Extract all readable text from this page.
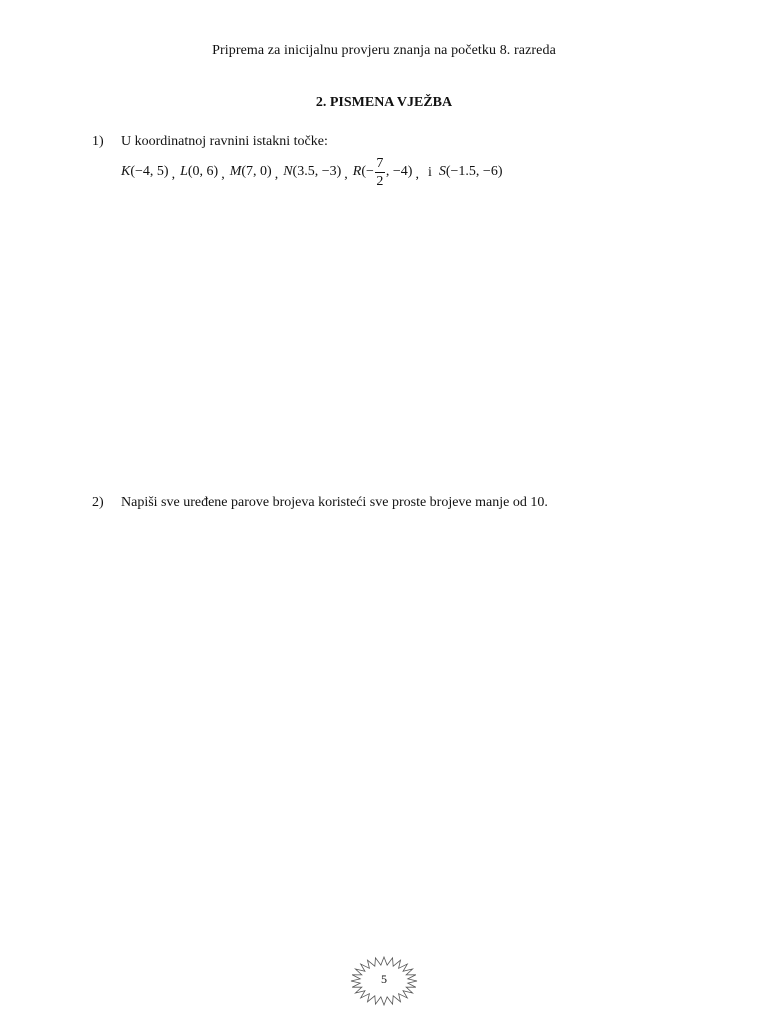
Priprema za inicijalnu provjeru znanja na početku 8. razreda
2. PISMENA VJEŽBA
1) U koordinatnoj ravnini istakni točke:
K (−4, 5) , L (0, 6) , M (7, 0) , N (3.5, −3) , R (− $\frac{7}{2}$ , −4) , i S (−1.5, −6)
2) Napiši sve uređene parove brojeva koristeći sve proste brojeve manje od 10.
5
